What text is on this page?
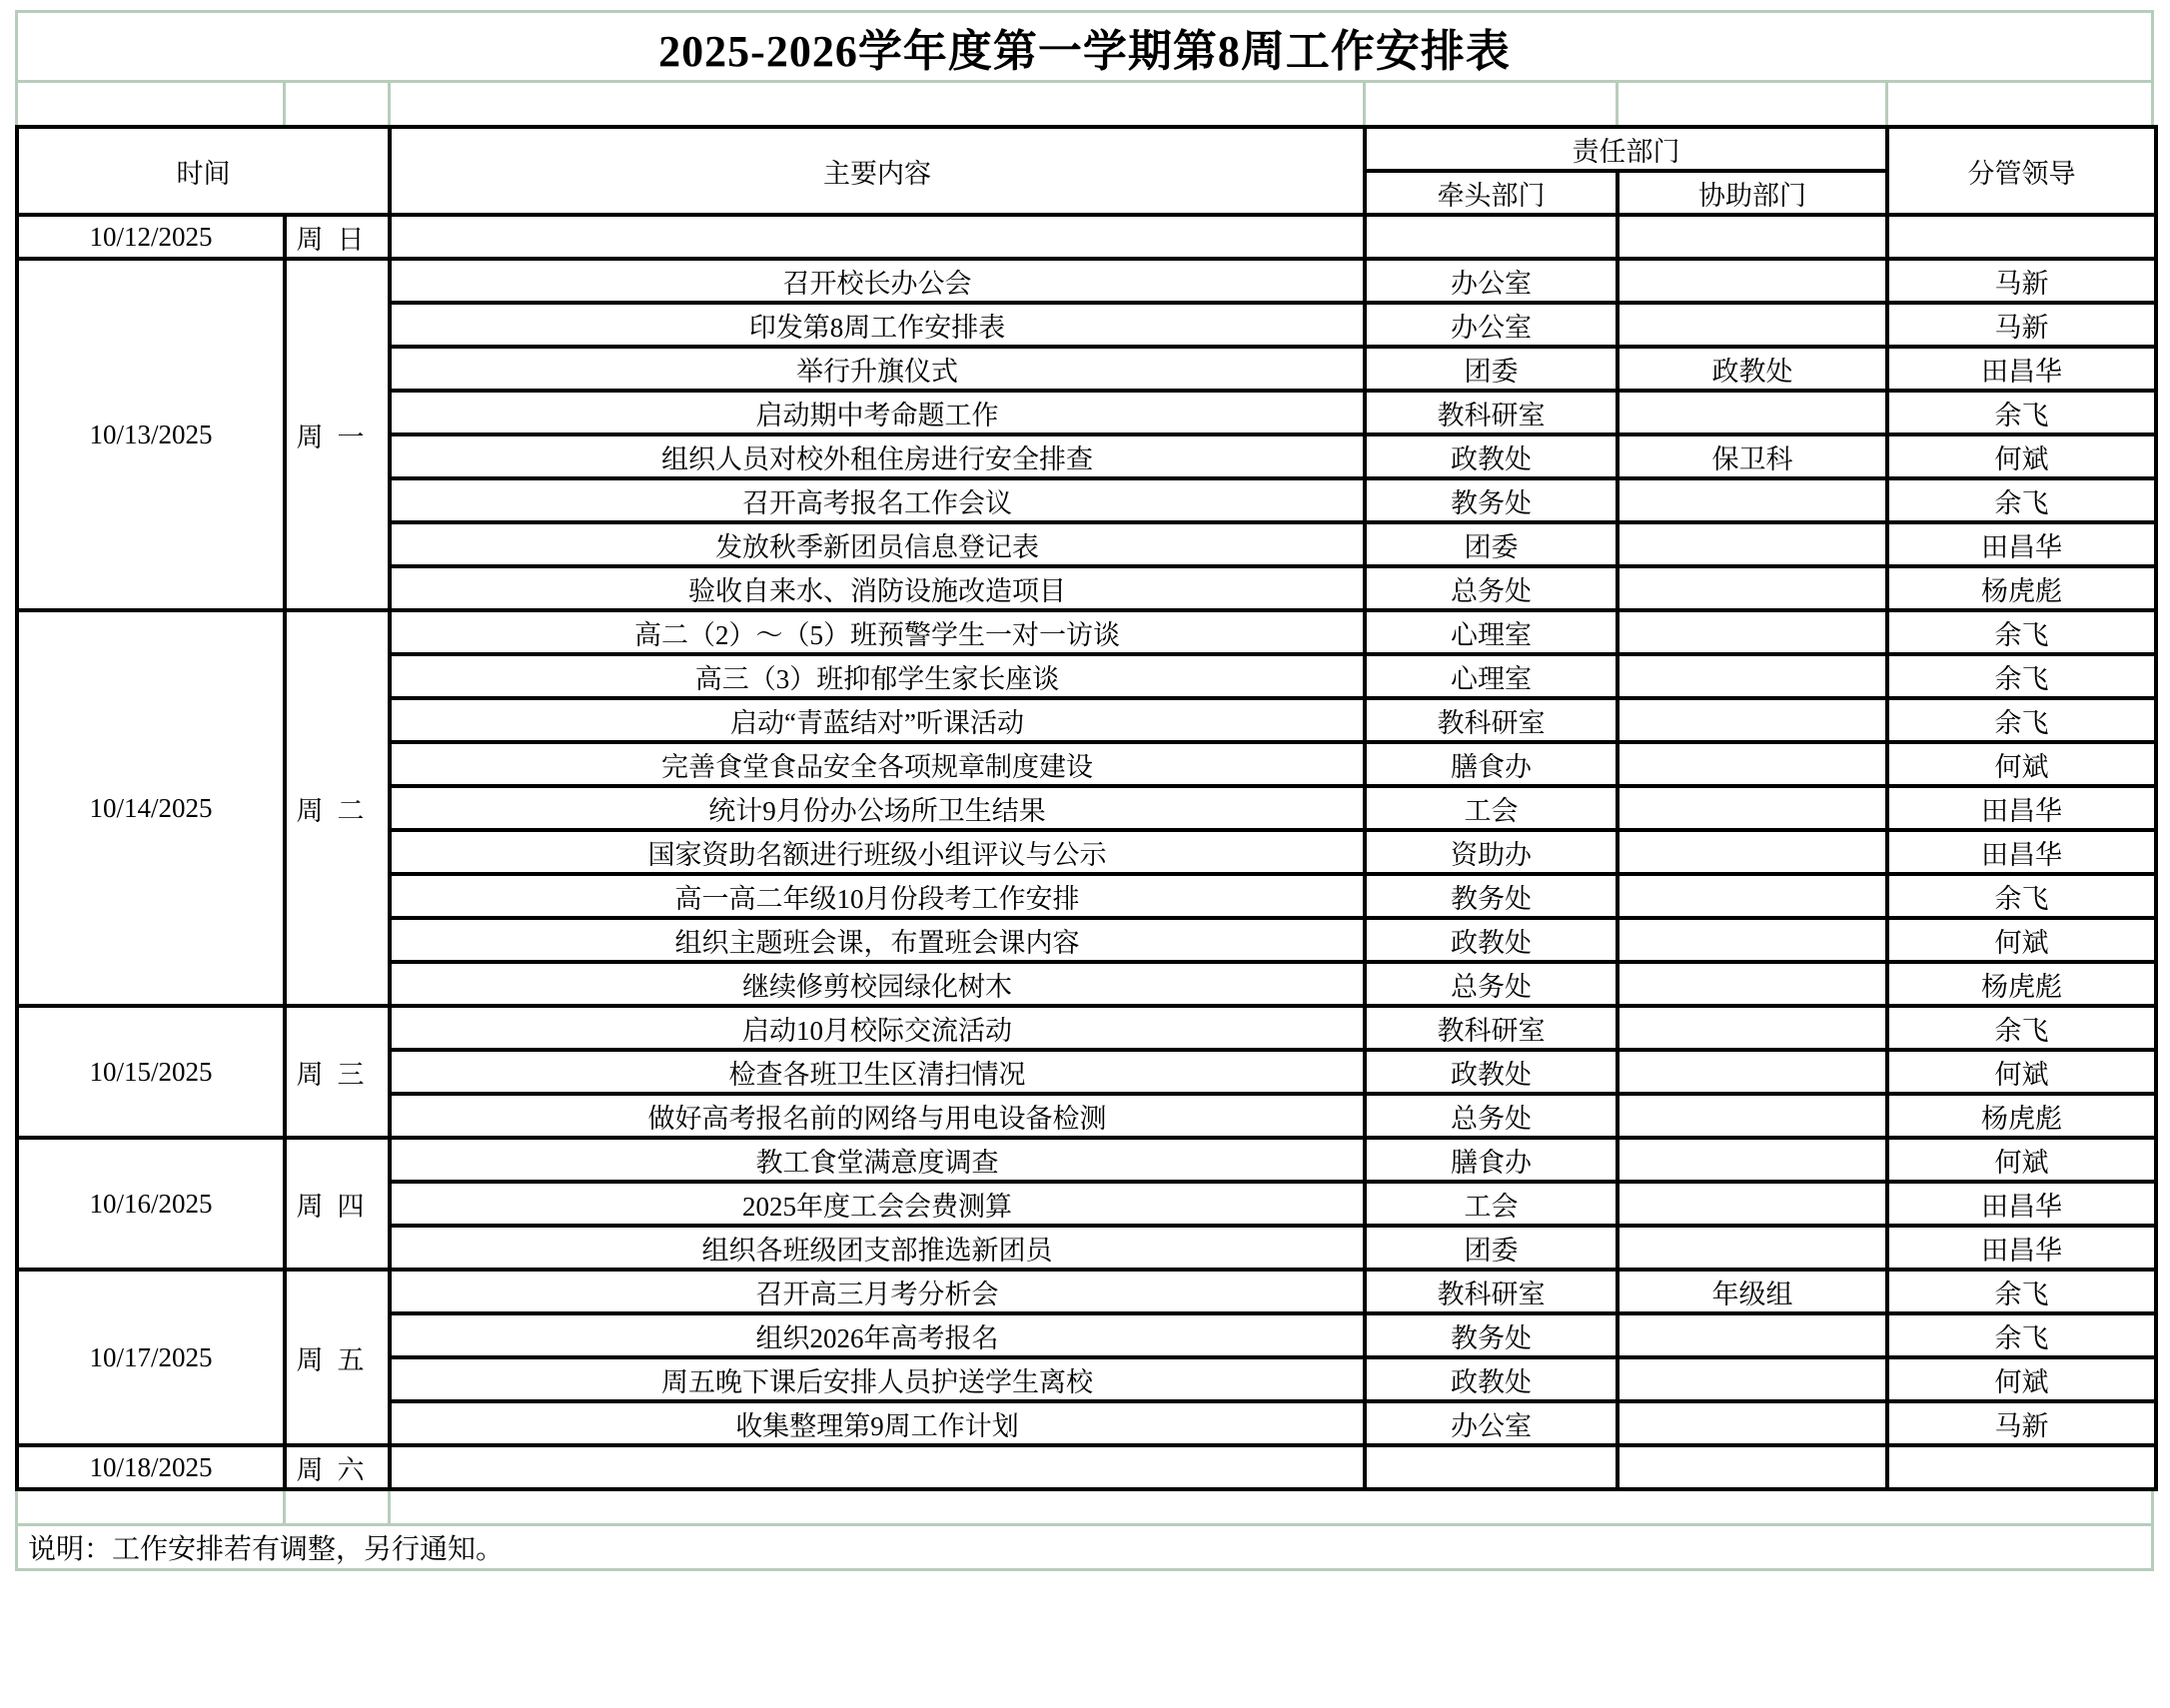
2025-2026学年度第一学期第8周工作安排表
时间		主要内容	责任部门		分管领导
			牵头部门	协助部门	
10/12/2025	周日				
10/13/2025	周一	召开校长办公会	办公室		马新
		印发第8周工作安排表	办公室		马新
		举行升旗仪式	团委	政教处	田昌华
		启动期中考命题工作	教科研室		余飞
		组织人员对校外租住房进行安全排查	政教处	保卫科	何斌
		召开高考报名工作会议	教务处		余飞
		发放秋季新团员信息登记表	团委		田昌华
		验收自来水、消防设施改造项目	总务处		杨虎彪
10/14/2025	周二	高二（2）～（5）班预警学生一对一访谈	心理室		余飞
		高三（3）班抑郁学生家长座谈	心理室		余飞
		启动“青蓝结对”听课活动	教科研室		余飞
		完善食堂食品安全各项规章制度建设	膳食办		何斌
		统计9月份办公场所卫生结果	工会		田昌华
		国家资助名额进行班级小组评议与公示	资助办		田昌华
		高一高二年级10月份段考工作安排	教务处		余飞
		组织主题班会课，布置班会课内容	政教处		何斌
		继续修剪校园绿化树木	总务处		杨虎彪
10/15/2025	周三	启动10月校际交流活动	教科研室		余飞
		检查各班卫生区清扫情况	政教处		何斌
		做好高考报名前的网络与用电设备检测	总务处		杨虎彪
10/16/2025	周四	教工食堂满意度调查	膳食办		何斌
		2025年度工会会费测算	工会		田昌华
		组织各班级团支部推选新团员	团委		田昌华
10/17/2025	周五	召开高三月考分析会	教科研室	年级组	余飞
		组织2026年高考报名	教务处		余飞
		周五晚下课后安排人员护送学生离校	政教处		何斌
		收集整理第9周工作计划	办公室		马新
10/18/2025	周六				
说明：工作安排若有调整，另行通知。
